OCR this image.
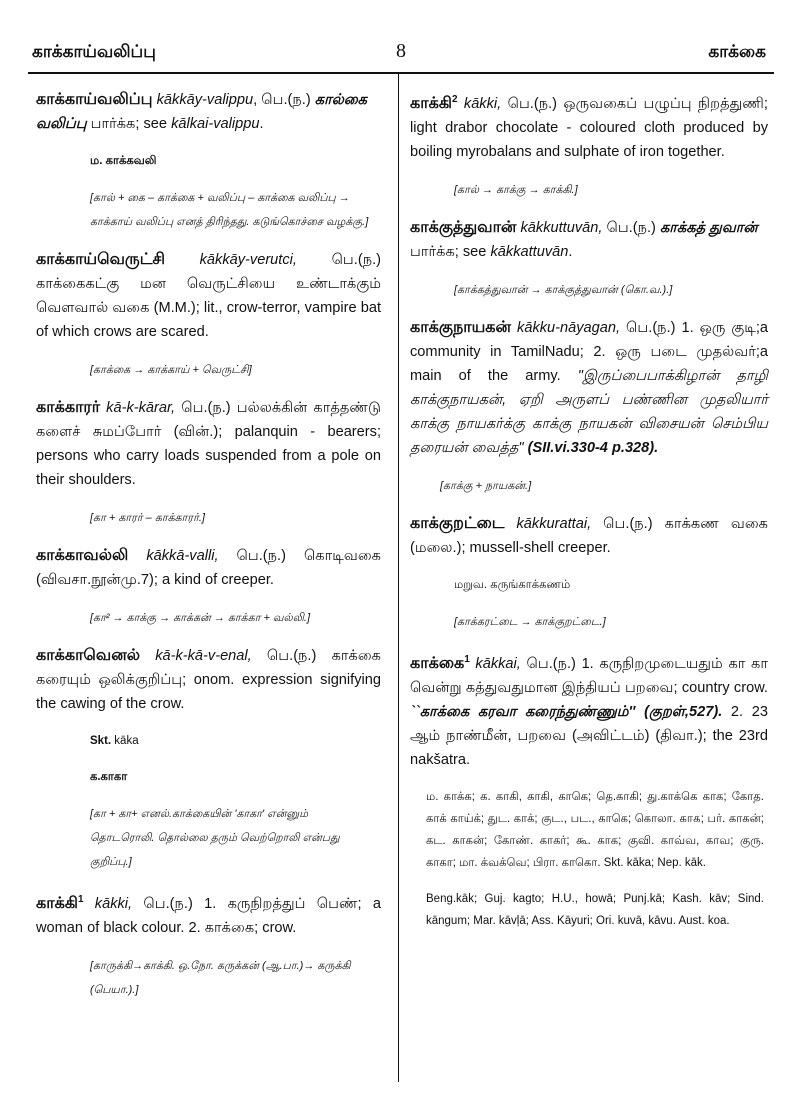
காக்காய்வலிப்பு	8	காக்கை
காக்காய்வலிப்பு kākkāy-valippu, பெ.(ந.) கால்கை வலிப்பு பார்க்க; see kālkai-valippu.
ம. காக்கவலி
[கால் + கை – காக்கை + வலிப்பு – காக்கை வலிப்பு →
காக்காய் வலிப்பு எனத் திரிந்தது. கடுங்கொச்சை வழக்கு.]
காக்காய்வெருட்சி kākkāy-verutci, பெ.(ந.) காக்கைகட்கு மன வெருட்சியை உண்டாக்கும் வௌவால் வகை (M.M.); lit., crow-terror, vampire bat of which crows are scared.
[காக்கை → காக்காய் + வெருட்சி]
காக்காரர் kā-k-kārar, பெ.(ந.) பல்லக்கின் காத்தண்டு களைச் சுமப்போர் (வின்.); palanquin - bearers; persons who carry loads suspended from a pole on their shoulders.
[கா + காரர் – காக்காரர்.]
காக்காவல்லி kākkā-valli, பெ.(ந.) கொடிவகை (விவசா.நூன்மு.7); a kind of creeper.
[கா² → காக்கு → காக்கன் → காக்கா + வல்லி.]
காக்காவெனல் kā-k-kā-v-enal, பெ.(ந.) காக்கை கரையும் ஒலிக்குறிப்பு; onom. expression signifying the cawing of the crow.
Skt. kāka
க.காகா
[கா + கா+ எனல்.காக்கையின் 'காகா' என்னும்
தொடரொலி. தொல்லை தரும் வெற்றொலி என்பது குறிப்பு.]
காக்கி$^1$ kākki, பெ.(ந.) 1. கருநிறத்துப் பெண்; a woman of black colour. 2. காக்கை; crow.
[காருக்கி→காக்கி. ஒ.நோ. கருக்கன் (ஆ.பா.)→ கருக்கி
(பெயா.).]
காக்கி$^2$ kākki, பெ.(ந.) ஒருவகைப் பழுப்பு நிறத்துணி; light drabor chocolate - coloured cloth produced by boiling myrobalans and sulphate of iron together.
[கால் → காக்கு → காக்கி.]
காக்குத்துவான் kākkuttuvān, பெ.(ந.) காக்கத் துவான் பார்க்க; see kākkattuvān.
[காக்கத்துவான் → காக்குத்துவான் (கொ.வ.).]
காக்குநாயகன் kākku-nāyagan, பெ.(ந.) 1. ஒரு குடி;a community in TamilNadu; 2. ஒரு படை முதல்வர்;a main of the army. "இருப்பைபாக்கிழான் தாழி காக்குநாயகன், ஏறி அருளப் பண்ணின முதலியார் காக்கு நாயகர்க்கு காக்கு நாயகன் விசையன் செம்பிய தரையன் வைத்த" (SII.vi.330-4 p.328).
[காக்கு + நாயகன்.]
காக்குறட்டை kākkurattai, பெ.(ந.) காக்கண வகை (மலை.); mussell-shell creeper.
மறுவ. கருங்காக்கணம்
[காக்கரட்டை → காக்குறட்டை.]
காக்கை$^1$ kākkai, பெ.(ந.) 1. கருநிறமுடையதும் கா கா வென்று கத்துவதுமான இந்தியப் பறவை; country crow. ``காக்கை கரவா கரைந்துண்ணும்'' (குறள்,527). 2. 23 ஆம் நாண்மீன், பறவை (அவிட்டம்) (திவா.); the 23rd nakšatra.
ம. காக்க; க. காகி, காகி, காகெ; தெ.காகி; து.காக்கெ காக; கோத. காக் காய்க்; துட. காக்; குட., பட., காகெ; கொலா. கா௧; பர். காகன்; கட. காகன்; கோண். காகர்; கூ. காக; குவி. காவ்வ, காவ; குரு. காகா; மா. க்வக்வெ; பிரா. காகொ. Skt. kāka; Nep. kāk.
Beng.kāk; Guj. kagto; H.U., howā; Punj.kā; Kash. kāv; Sind. kāngum; Mar. kāvļā; Ass. Kāyuri; Ori. kuvā, kāvu. Aust. koa.
